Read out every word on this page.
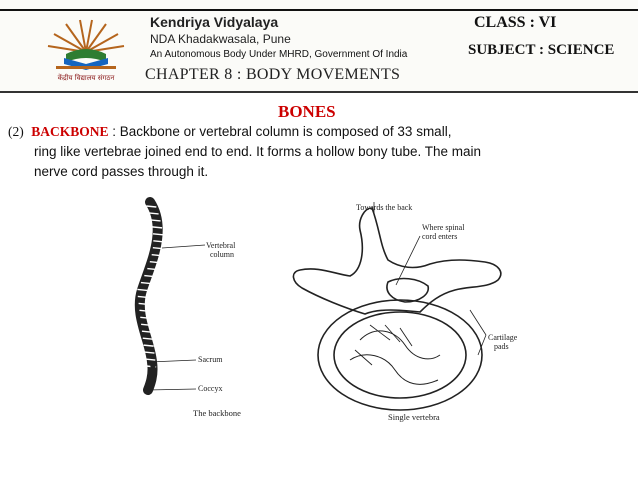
केंद्रीय विद्यालय संगठन
Kendriya Vidyalaya
NDA Khadakwasala, Pune
An Autonomous Body Under MHRD, Government Of India
CLASS : VI
SUBJECT : SCIENCE
CHAPTER 8 : BODY MOVEMENTS
BONES
(2) BACKBONE : Backbone or vertebral column is composed of 33 small,
ring like vertebrae joined end to end. It forms a hollow bony tube. The main
nerve cord passes through it.
Vertebral
column
Sacrum
Coccyx
The backbone
Towards the back
Where spinal
cord enters
Cartilage
pads
Single vertebra
